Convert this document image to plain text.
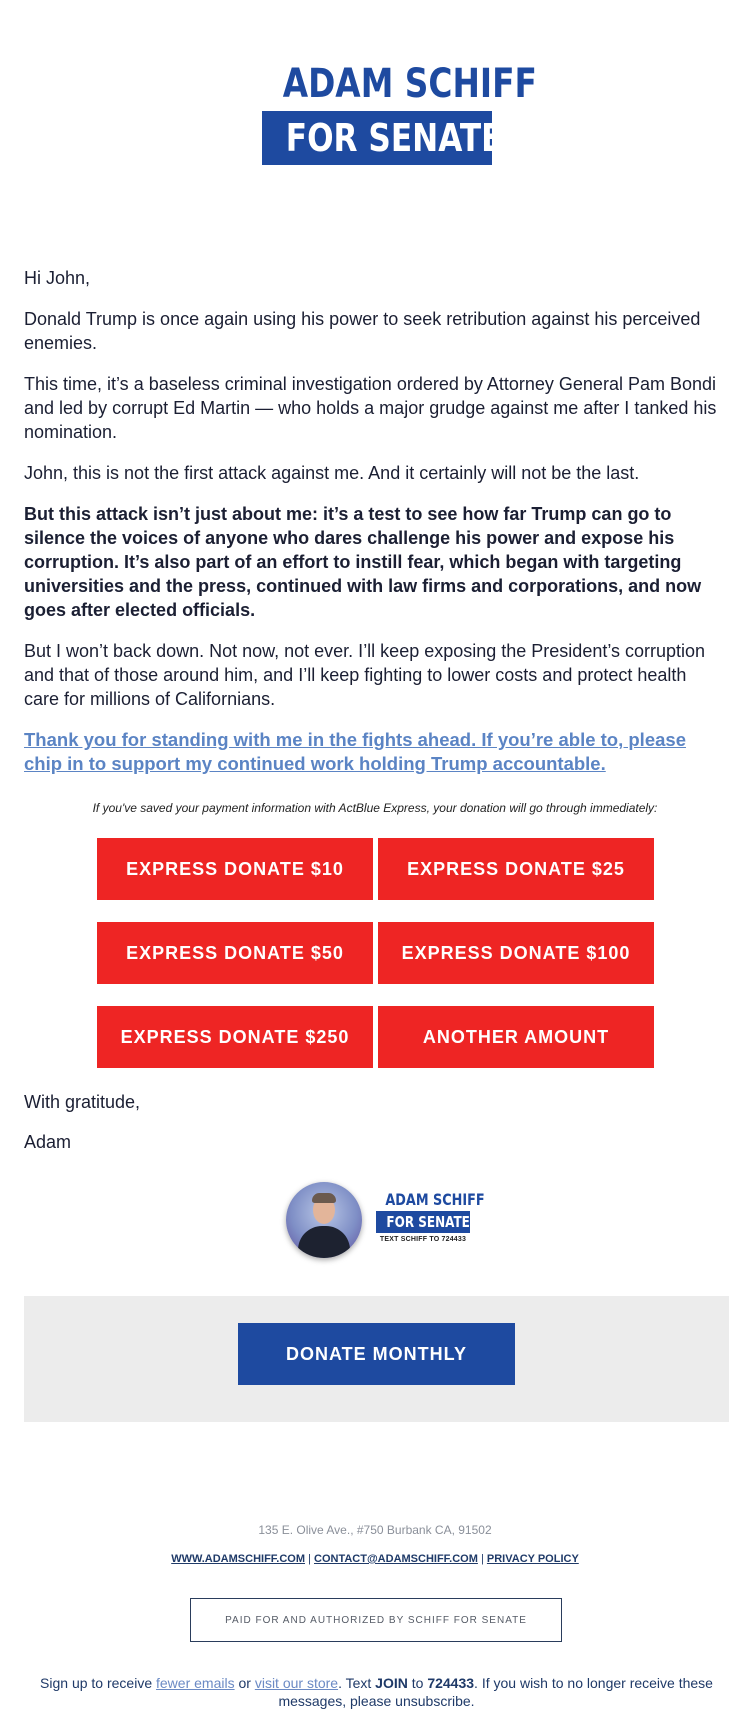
ADAM SCHIFF
FOR SENATE

Hi John,

Donald Trump is once again using his power to seek retribution against his perceived enemies.

This time, it’s a baseless criminal investigation ordered by Attorney General Pam Bondi and led by corrupt Ed Martin — who holds a major grudge against me after I tanked his nomination.

John, this is not the first attack against me. And it certainly will not be the last.

But this attack isn’t just about me: it’s a test to see how far Trump can go to silence the voices of anyone who dares challenge his power and expose his corruption. It’s also part of an effort to instill fear, which began with targeting universities and the press, continued with law firms and corporations, and now goes after elected officials.

But I won’t back down. Not now, not ever. I’ll keep exposing the President’s corruption and that of those around him, and I’ll keep fighting to lower costs and protect health care for millions of Californians.

Thank you for standing with me in the fights ahead. If you’re able to, please chip in to support my continued work holding Trump accountable.

If you've saved your payment information with ActBlue Express, your donation will go through immediately:
EXPRESS DONATE $10	EXPRESS DONATE $25
EXPRESS DONATE $50	EXPRESS DONATE $100
EXPRESS DONATE $250	ANOTHER AMOUNT

With gratitude,

Adam

ADAM SCHIFF
FOR SENATE
TEXT SCHIFF TO 724433
DONATE MONTHLY
135 E. Olive Ave., #750 Burbank CA, 91502
WWW.ADAMSCHIFF.COM | CONTACT@ADAMSCHIFF.COM | PRIVACY POLICY
PAID FOR AND AUTHORIZED BY SCHIFF FOR SENATE
Sign up to receive fewer emails or visit our store. Text JOIN to 724433. If you wish to no longer receive these messages, please unsubscribe.
